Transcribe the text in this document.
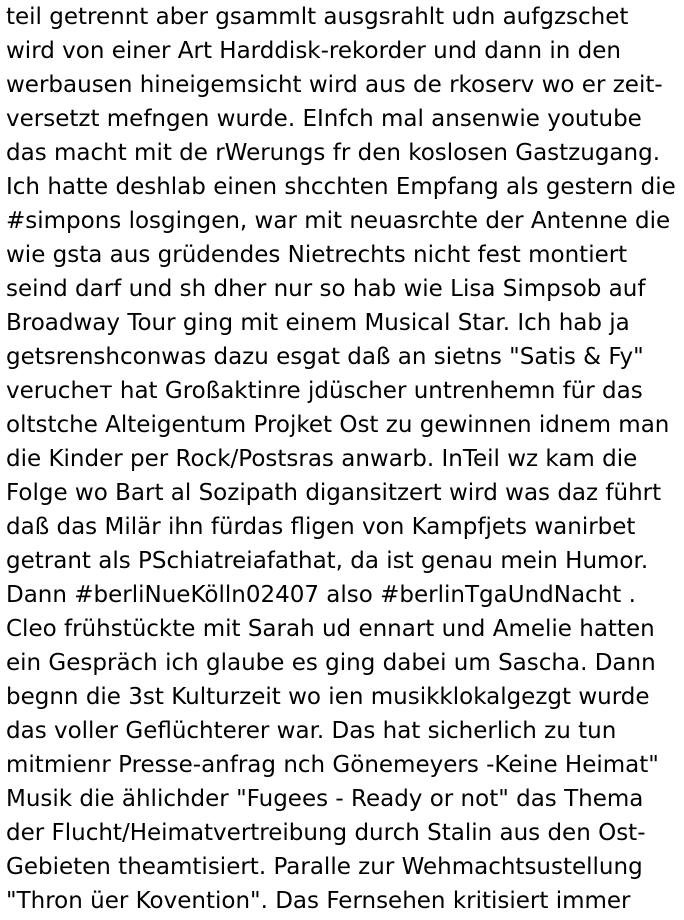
teil getrennt aber gsammlt ausgsrahlt udn aufgzschet
wird von einer Art Harddisk-rekorder und dann in den
werbausen hineigemsicht wird aus de rkoserv wo er zeit-
versetzt mefngen wurde. EInfch mal ansenwie youtube
das macht mit de rWerungs fr den koslosen Gastzugang.
Ich hatte deshlab einen shcchten Empfang als gestern die
#simpons losgingen, war mit neuasrchte der Antenne die
wie gsta aus grüdendes Nietrechts nicht fest montiert
seind darf und sh dher nur so hab wie Lisa Simpsob auf
Broadway Tour ging mit einem Musical Star. Ich hab ja
getsrenshconwas dazu esgat daß an sietns "Satis & Fy"
veruchет hat Großaktinre jdüscher untrenhemn für das
oltstche Alteigentum Projket Ost zu gewinnen idnem man
die Kinder per Rock/Postsras anwarb. InTeil wz kam die
Folge wo Bart al Sozipath digansitzert wird was daz führt
daß das Milär ihn fürdas fligen von Kampfjets wanirbet
getrant als PSchiatreiafathat, da ist genau mein Humor.
Dann #berliNueKölln02407 also #berlinTgaUndNacht .
Cleo frühstückte mit Sarah ud ennart und Amelie hatten
ein Gespräch ich glaube es ging dabei um Sascha. Dann
begnn die 3st Kulturzeit wo ien musikklokalgezgt wurde
das voller Geflüchterer war. Das hat sicherlich zu tun
mitmienr Presse-anfrag nch Gönemeyers -Keine Heimat"
Musik die ählichder "Fugees - Ready or not" das Thema
der Flucht/Heimatvertreibung durch Stalin aus den Ost-
Gebieten theamtisiert. Paralle zur Wehmachtsustellung
"Thron üer Kovention". Das Fernsehen kritisiert immer
